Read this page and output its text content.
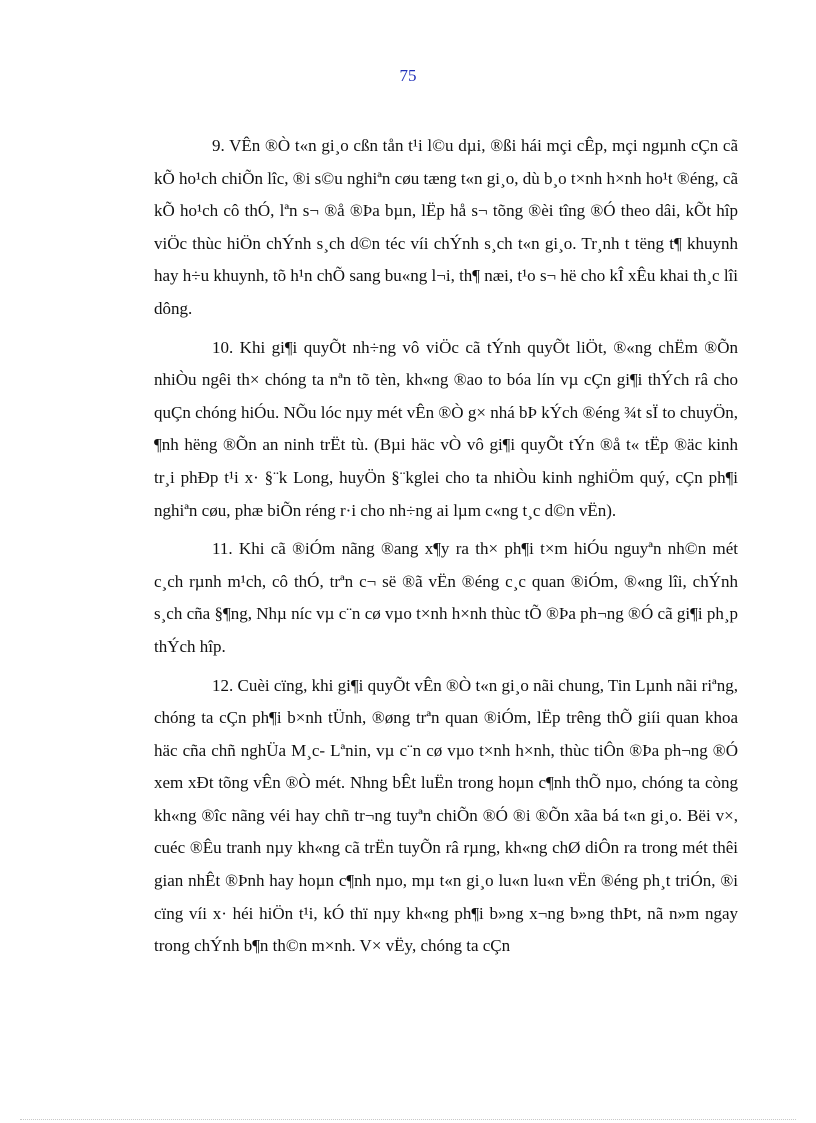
75

9. VÊn ®Ò t«n gi¸o cßn tån t¹i l©u dµi, ®ßi hái mçi cÊp, mçi ngµnh cÇn cã kÕ ho¹ch chiÕn lîc, ®i s©u nghiªn cøu tæng t«n gi¸o, dù b¸o t×nh h×nh ho¹t ®éng, cã kÕ ho¹ch cô thÓ, lªn s¬ ®å ®Þa bµn, lËp hå s¬ tõng ®èi tîng ®Ó theo dâi, kÕt hîp viÖc thùc hiÖn chÝnh s¸ch d©n téc víi chÝnh s¸ch t«n gi¸o. Tr¸nh t tëng t¶ khuynh hay h÷u khuynh, tõ h¹n chÕ sang bu«ng l¬i, th¶ næi, t¹o s¬ hë cho kÎ xÊu khai th¸c lîi dông.

10. Khi gi¶i quyÕt nh÷ng vô viÖc cã tÝnh quyÕt liÖt, ®«ng chËm ®Õn nhiÒu ngêi th× chóng ta nªn tõ tèn, kh«ng ®ao to bóa lín vµ cÇn gi¶i thÝch râ cho quÇn chóng hiÓu. NÕu lóc nµy mét vÊn ®Ò g× nhá bÞ kÝch ®éng ¾t sÏ to chuyÖn, ¶nh hëng ®Õn an ninh trËt tù. (Bµi häc vÒ vô gi¶i quyÕt tÝn ®å t« tËp ®äc kinh tr¸i phÐp t¹i x· §¨k Long, huyÖn §¨kglei cho ta nhiÒu kinh nghiÖm quý, cÇn ph¶i nghiªn cøu, phæ biÕn réng r·i cho nh÷ng ai lµm c«ng t¸c d©n vËn).

11. Khi cã ®iÓm nãng ®ang x¶y ra th× ph¶i t×m hiÓu nguyªn nh©n mét c¸ch rµnh m¹ch, cô thÓ, trªn c¬ së ®ã vËn ®éng c¸c quan ®iÓm, ®«ng lîi, chÝnh s¸ch cña §¶ng, Nhµ níc vµ c¨n cø vµo t×nh h×nh thùc tÕ ®Þa ph¬ng ®Ó cã gi¶i ph¸p thÝch hîp.

12. Cuèi cïng, khi gi¶i quyÕt vÊn ®Ò t«n gi¸o nãi chung, Tin Lµnh nãi riªng, chóng ta cÇn ph¶i b×nh tÜnh, ®øng trªn quan ®iÓm, lËp trêng thÕ giíi quan khoa häc cña chñ nghÜa M¸c- Lªnin, vµ c¨n cø vµo t×nh h×nh, thùc tiÔn ®Þa ph¬ng ®Ó xem xÐt tõng vÊn ®Ò mét. Nhng bÊt luËn trong hoµn c¶nh thÕ nµo, chóng ta còng kh«ng ®îc nãng véi hay chñ tr¬ng tuyªn chiÕn ®Ó ®i ®Õn xãa bá t«n gi¸o. Bëi v×, cuéc ®Êu tranh nµy kh«ng cã trËn tuyÕn râ rµng, kh«ng chØ diÔn ra trong mét thêi gian nhÊt ®Þnh hay hoµn c¶nh nµo, mµ t«n gi¸o lu«n lu«n vËn ®éng ph¸t triÓn, ®i cïng víi x· héi hiÖn t¹i, kÓ thï nµy kh«ng ph¶i b»ng x¬ng b»ng thÞt, nã n»m ngay trong chÝnh b¶n th©n m×nh. V× vËy, chóng ta cÇn
